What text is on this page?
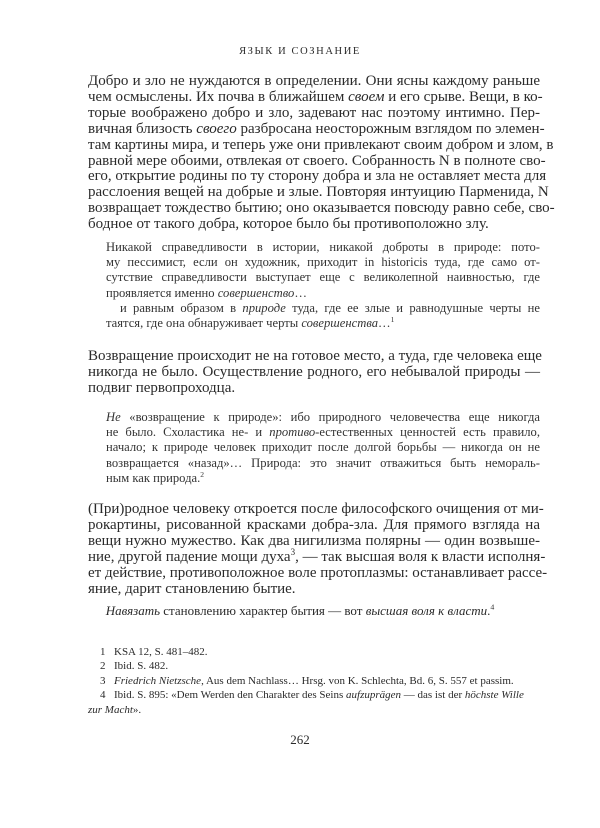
ЯЗЫК И СОЗНАНИЕ
Добро и зло не нуждаются в определении. Они ясны каждому раньше
чем осмыслены. Их почва в ближайшем своем и его срыве. Вещи, в ко-
торые воображено добро и зло, задевают нас поэтому интимно. Пер-
вичная близость своего разбросана неосторожным взглядом по элемен-
там картины мира, и теперь уже они привлекают своим добром и злом, в
равной мере обоими, отвлекая от своего. Собранность N в полноте сво-
его, открытие родины по ту сторону добра и зла не оставляет места для
расслоения вещей на добрые и злые. Повторяя интуицию Парменида, N
возвращает тождество бытию; оно оказывается повсюду равно себе, сво-
бодное от такого добра, которое было бы противоположно злу.
Никакой справедливости в истории, никакой доброты в природе: пото-
му пессимист, если он художник, приходит in historicis туда, где само от-
сутствие справедливости выступает еще с великолепной наивностью, где
проявляется именно совершенство…
и равным образом в природе туда, где ее злые и равнодушные черты не
таятся, где она обнаруживает черты совершенства…$^1$
Возвращение происходит не на готовое место, а туда, где человека еще
никогда не было. Осуществление родного, его небывалой природы —
подвиг первопроходца.
Не «возвращение к природе»: ибо природного человечества еще никогда
не было. Схоластика не- и противо-естественных ценностей есть правило,
начало; к природе человек приходит после долгой борьбы — никогда он не
возвращается «назад»… Природа: это значит отважиться быть немораль-
ным как природа.$^2$
(При)родное человеку откроется после философского очищения от ми-
рокартины, рисованной красками добра-зла. Для прямого взгляда на
вещи нужно мужество. Как два нигилизма полярны — один возвыше-
ние, другой падение мощи духа$^3$, — так высшая воля к власти исполня-
ет действие, противоположное воле протоплазмы: останавливает рассе-
яние, дарит становлению бытие.
Навязать становлению характер бытия — вот высшая воля к власти.$^4$
1 KSA 12, S. 481–482.
2 Ibid. S. 482.
3 Friedrich Nietzsche, Aus dem Nachlass… Hrsg. von K. Schlechta, Bd. 6, S. 557 et passim.
4 Ibid. S. 895: «Dem Werden den Charakter des Seins aufzuprägen — das ist der höchste Wille zur Macht».
262
